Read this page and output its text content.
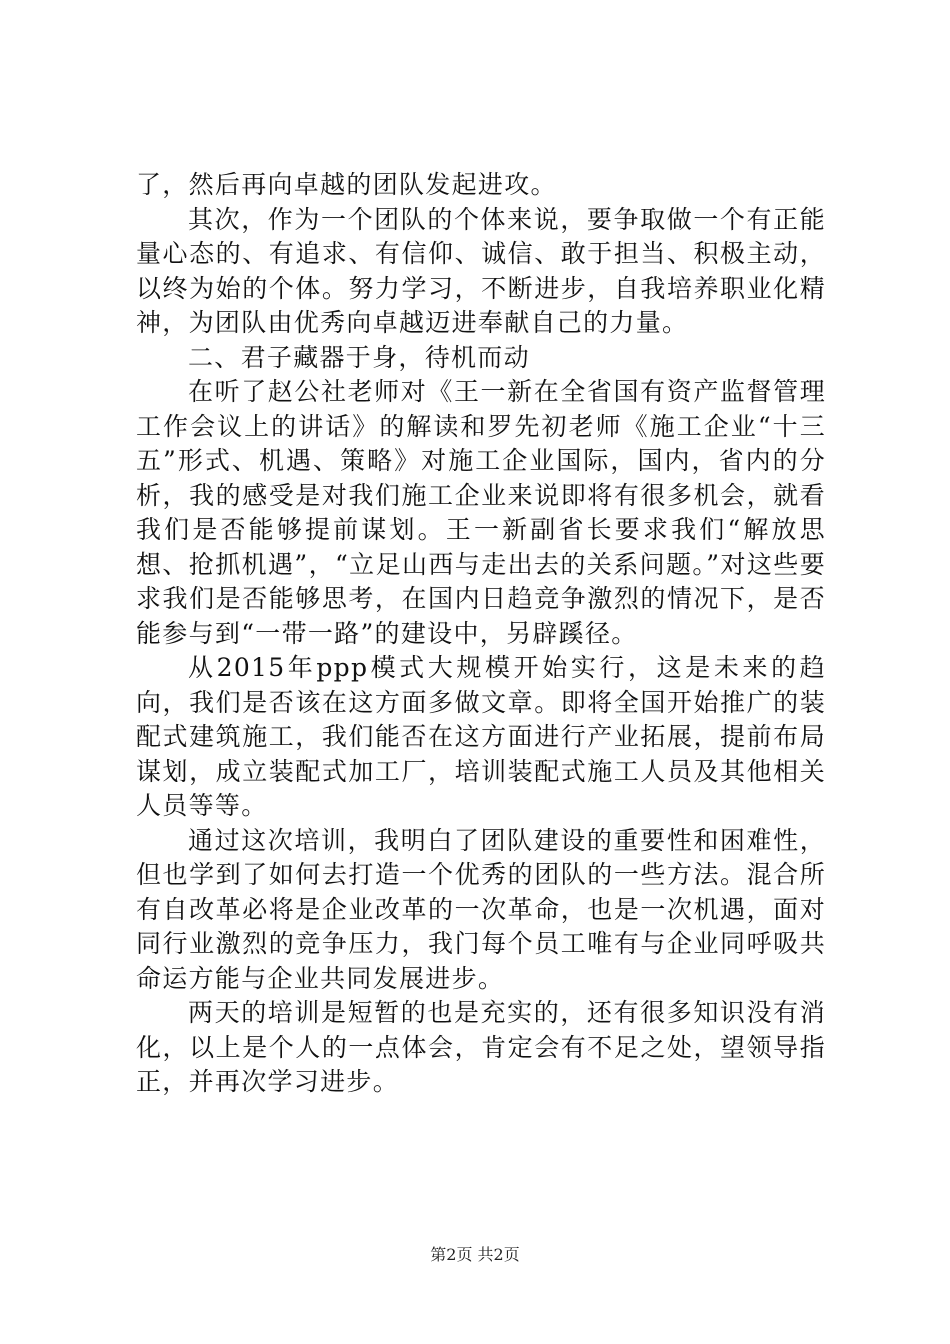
了，然后再向卓越的团队发起进攻。

其次，作为一个团队的个体来说，要争取做一个有正能量心态的、有追求、有信仰、诚信、敢于担当、积极主动，以终为始的个体。努力学习，不断进步，自我培养职业化精神，为团队由优秀向卓越迈进奉献自己的力量。

二、君子藏器于身，待机而动

在听了赵公社老师对《王一新在全省国有资产监督管理工作会议上的讲话》的解读和罗先初老师《施工企业“十三五”形式、机遇、策略》对施工企业国际，国内，省内的分析，我的感受是对我们施工企业来说即将有很多机会，就看我们是否能够提前谋划。王一新副省长要求我们“解放思想、抢抓机遇”，“立足山西与走出去的关系问题。”对这些要求我们是否能够思考，在国内日趋竞争激烈的情况下，是否能参与到“一带一路”的建设中，另辟蹊径。

从2015年ppp模式大规模开始实行，这是未来的趋向，我们是否该在这方面多做文章。即将全国开始推广的装配式建筑施工，我们能否在这方面进行产业拓展，提前布局谋划，成立装配式加工厂，培训装配式施工人员及其他相关人员等等。

通过这次培训，我明白了团队建设的重要性和困难性，但也学到了如何去打造一个优秀的团队的一些方法。混合所有自改革必将是企业改革的一次革命，也是一次机遇，面对同行业激烈的竞争压力，我门每个员工唯有与企业同呼吸共命运方能与企业共同发展进步。

两天的培训是短暂的也是充实的，还有很多知识没有消化，以上是个人的一点体会，肯定会有不足之处，望领导指正，并再次学习进步。

第2页 共2页
